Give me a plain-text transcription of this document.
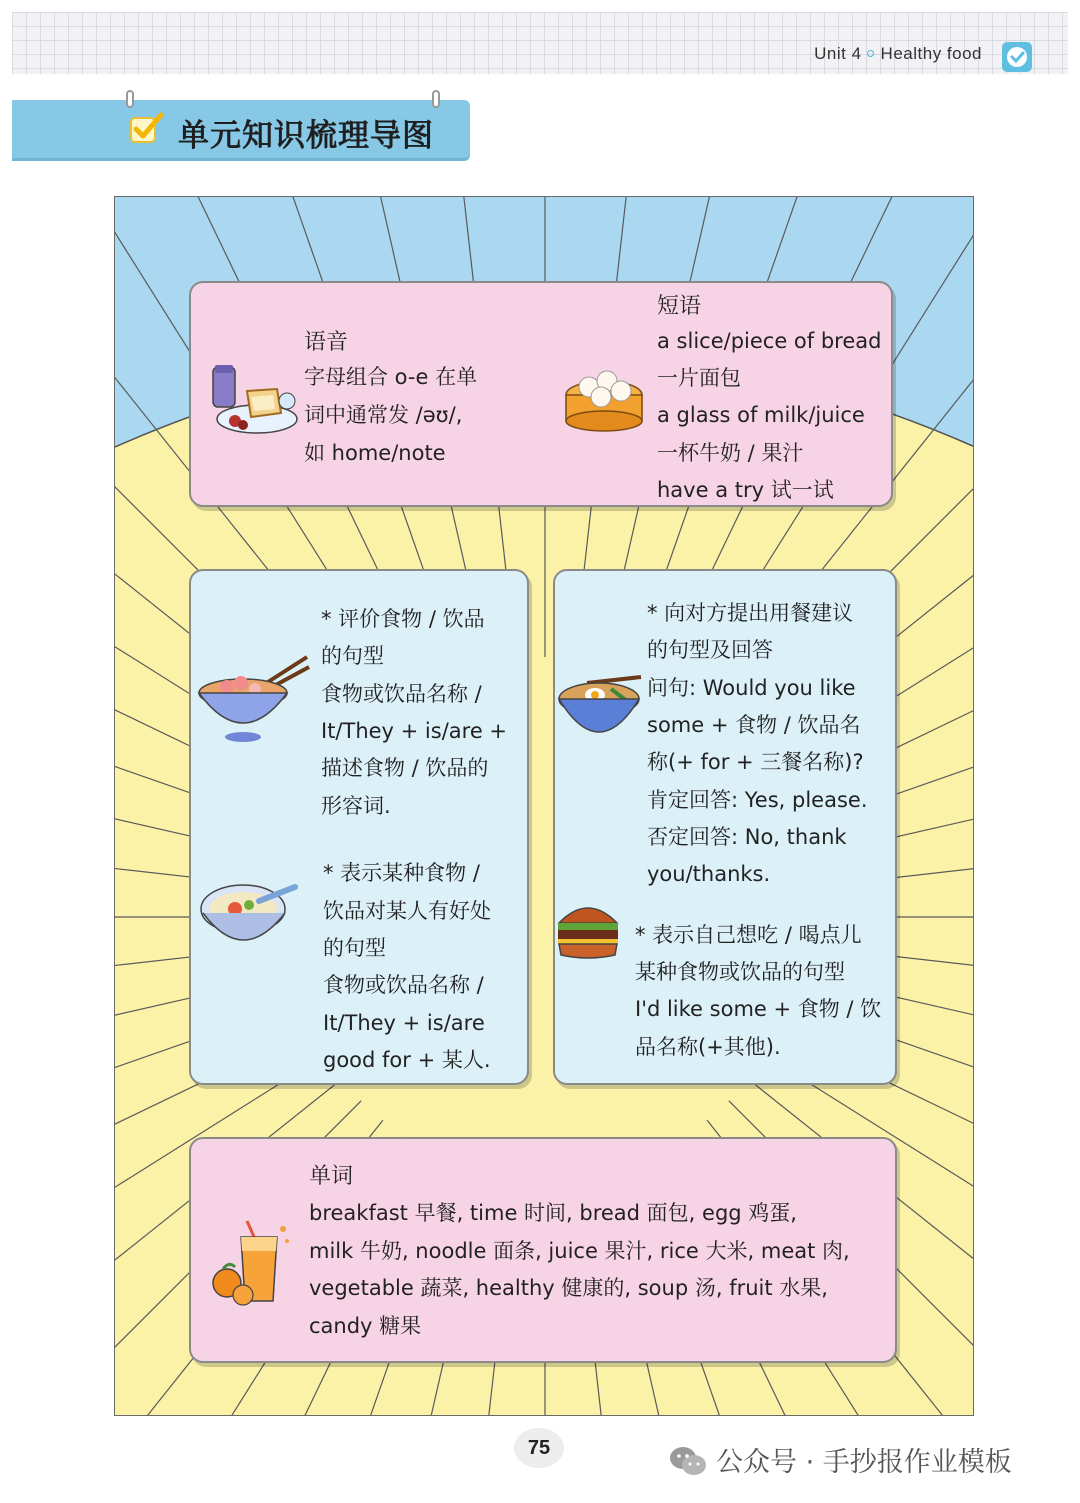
Unit 4 Healthy food
单元知识梳理导图
语音
字母组合 o-e 在单
词中通常发 /əʊ/,
如 home/note
短语
a slice/piece of bread
一片面包
a glass of milk/juice
一杯牛奶 / 果汁
have a try 试一试
* 评价食物 / 饮品
的句型
食物或饮品名称 /
It/They + is/are +
描述食物 / 饮品的
形容词.
* 表示某种食物 /
饮品对某人有好处
的句型
食物或饮品名称 /
It/They + is/are
good for + 某人.
* 向对方提出用餐建议
的句型及回答
问句: Would you like
some + 食物 / 饮品名
称(+ for + 三餐名称)?
肯定回答: Yes, please.
否定回答: No, thank
you/thanks.
* 表示自己想吃 / 喝点儿
某种食物或饮品的句型
I'd like some + 食物 / 饮
品名称(+其他).
单词
breakfast 早餐, time 时间, bread 面包, egg 鸡蛋,
milk 牛奶, noodle 面条, juice 果汁, rice 大米, meat 肉,
vegetable 蔬菜, healthy 健康的, soup 汤, fruit 水果,
candy 糖果
75	公众号 · 手抄报作业模板
